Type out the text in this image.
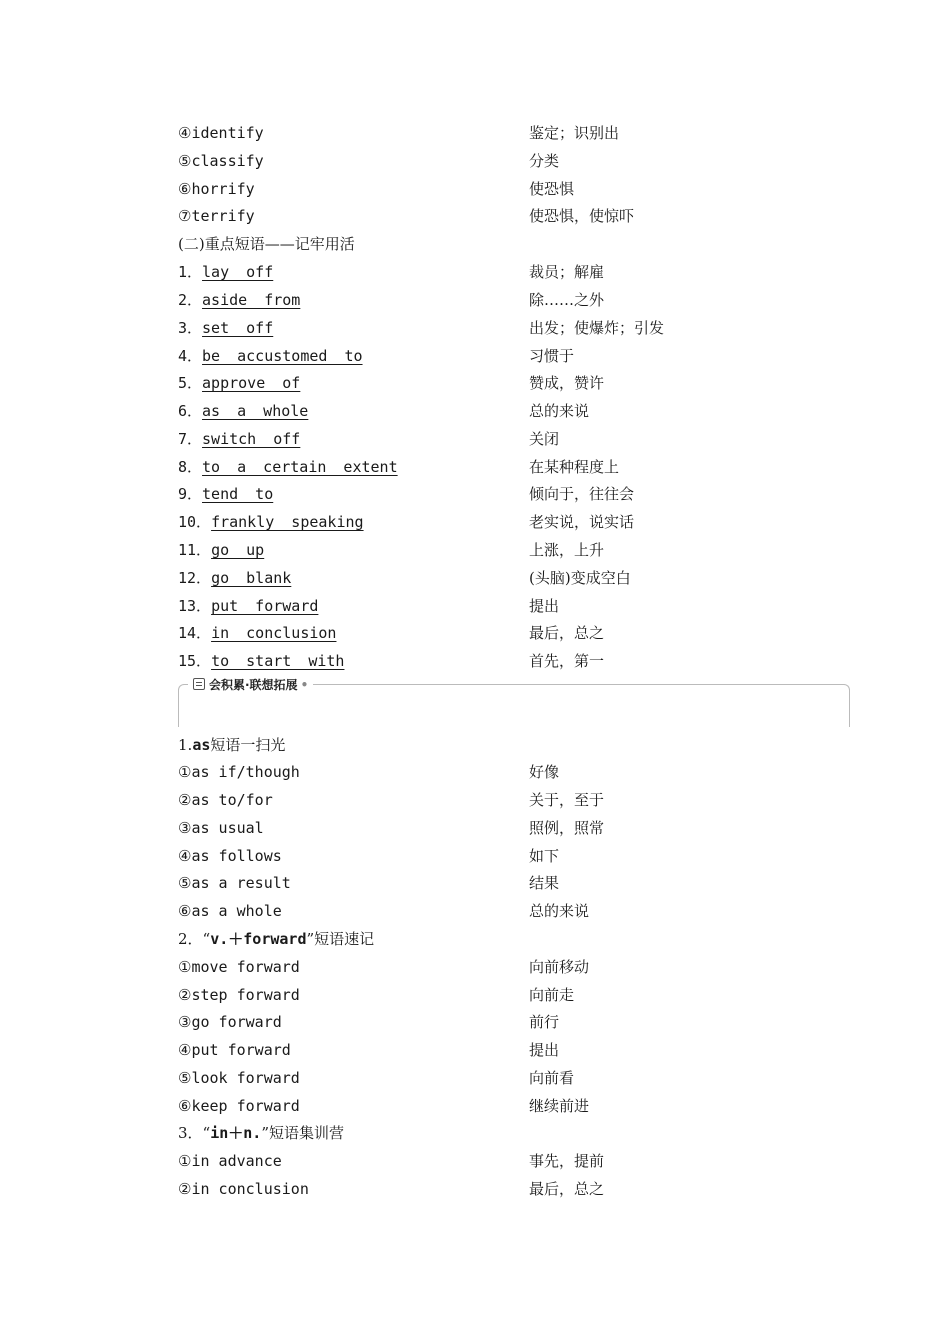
④identify	鉴定；识别出
⑤classify	分类
⑥horrify	使恐惧
⑦terrify	使恐惧，使惊吓
(二)重点短语——记牢用活
1．lay off	裁员；解雇
2．aside from	除……之外
3．set off	出发；使爆炸；引发
4．be accustomed to	习惯于
5．approve of	赞成，赞许
6．as a whole	总的来说
7．switch off	关闭
8．to a certain extent	在某种程度上
9．tend to	倾向于，往往会
10．frankly speaking	老实说，说实话
11．go up	上涨，上升
12．go blank	(头脑)变成空白
13．put forward	提出
14．in conclusion	最后，总之
15．to start with	首先，第一
会积累·联想拓展 •
1.as短语一扫光
①as if/though	好像
②as to/for	关于，至于
③as usual	照例，照常
④as follows	如下
⑤as a result	结果
⑥as a whole	总的来说
2．“v.＋forward”短语速记
①move forward	向前移动
②step forward	向前走
③go forward	前行
④put forward	提出
⑤look forward	向前看
⑥keep forward	继续前进
3．“in＋n.”短语集训营
①in advance	事先，提前
②in conclusion	最后，总之
